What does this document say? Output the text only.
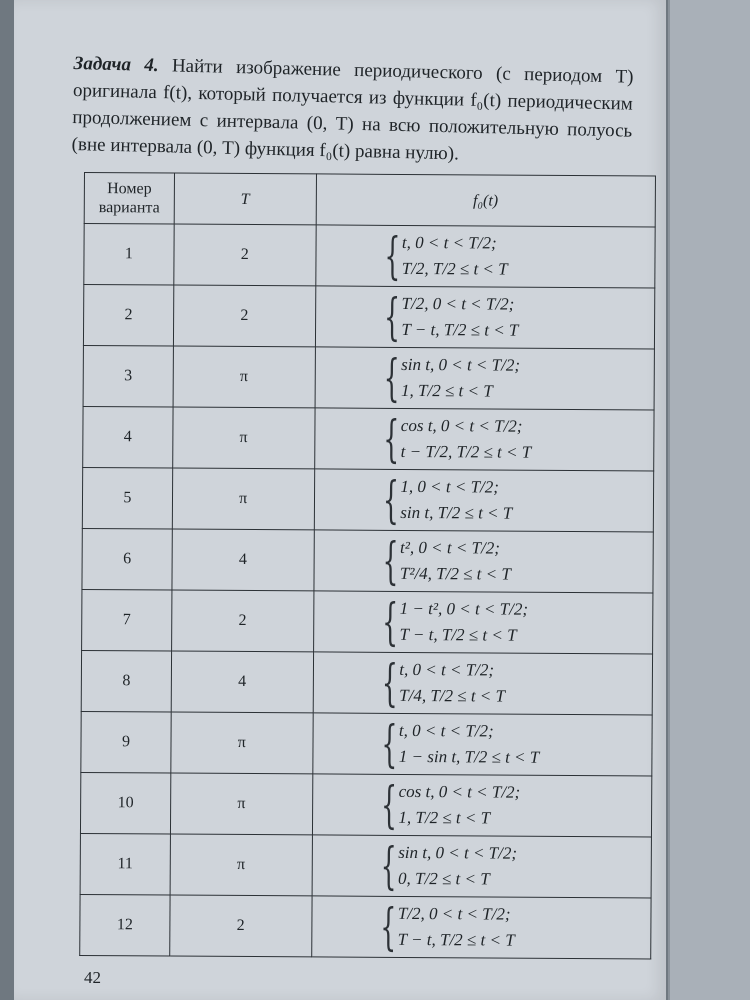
Задача 4. Найти изображение периодического (с периодом T) оригинала f(t), который получается из функции f₀(t) периодическим продолжением с интервала (0, T) на всю положительную полуось (вне интервала (0, T) функция f₀(t) равна нулю).
Номер варианта	T	f₀(t)
1	2	{ t, 0 < t < T/2;
T/2, T/2 ≤ t < T

2	2	{ T/2, 0 < t < T/2;
T − t, T/2 ≤ t < T

3	π	{ sin t, 0 < t < T/2;
1, T/2 ≤ t < T

4	π	{ cos t, 0 < t < T/2;
t − T/2, T/2 ≤ t < T

5	π	{ 1, 0 < t < T/2;
sin t, T/2 ≤ t < T

6	4	{ t², 0 < t < T/2;
T²/4, T/2 ≤ t < T

7	2	{ 1 − t², 0 < t < T/2;
T − t, T/2 ≤ t < T

8	4	{ t, 0 < t < T/2;
T/4, T/2 ≤ t < T

9	π	{ t, 0 < t < T/2;
1 − sin t, T/2 ≤ t < T

10	π	{ cos t, 0 < t < T/2;
1, T/2 ≤ t < T

11	π	{ sin t, 0 < t < T/2;
0, T/2 ≤ t < T

12	2	{ T/2, 0 < t < T/2;
T − t, T/2 ≤ t < T
42
